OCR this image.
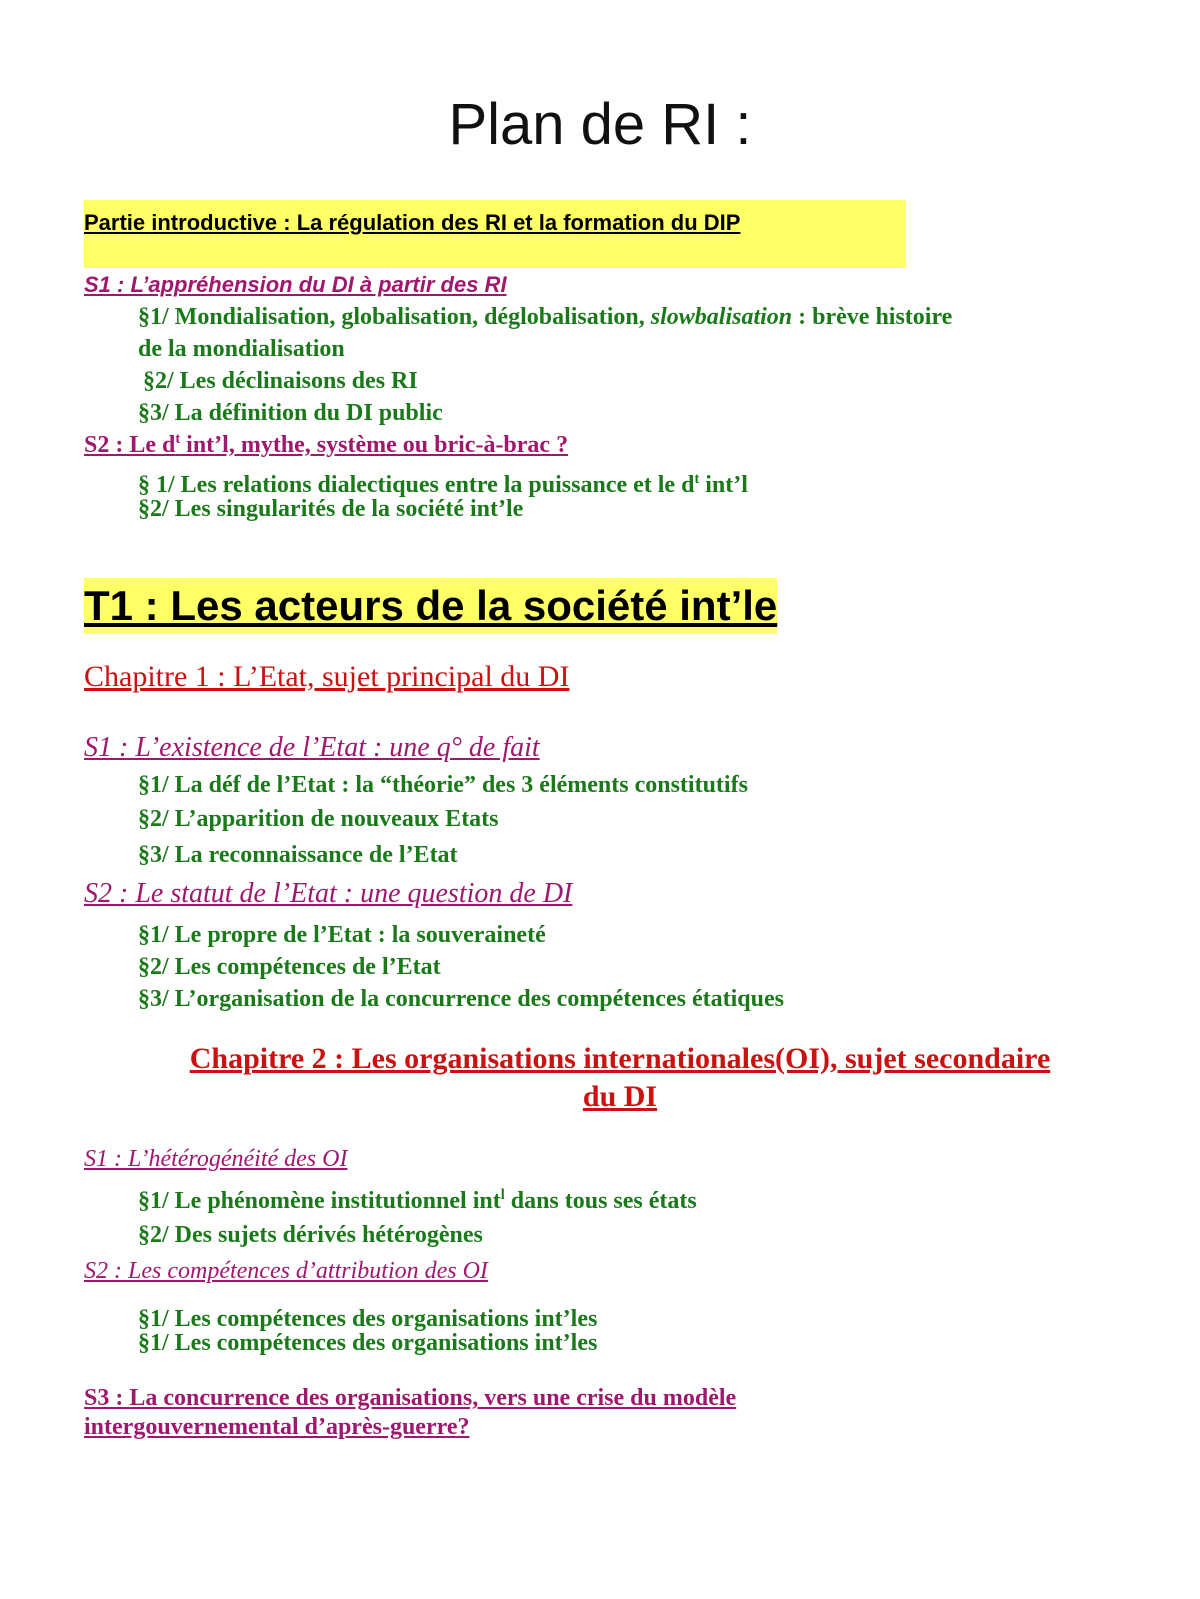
Plan de RI :
Partie introductive : La régulation des RI et la formation du DIP
S1 : L’appréhension du DI à partir des RI
§1/ Mondialisation, globalisation, déglobalisation, slowbalisation : brève histoire
de la mondialisation
§2/ Les déclinaisons des RI
§3/ La définition du DI public
S2 : Le $d^t$ int’l, mythe, système ou bric-à-brac ?
§ 1/ Les relations dialectiques entre la puissance et le $d^t$ int’l
§2/ Les singularités de la société int’le
T1 : Les acteurs de la société int’le
Chapitre 1 : L’Etat, sujet principal du DI
S1 : L’existence de l’Etat : une q° de fait
§1/ La déf de l’Etat : la “théorie” des 3 éléments constitutifs
§2/ L’apparition de nouveaux Etats
§3/ La reconnaissance de l’Etat
S2 : Le statut de l’Etat : une question de DI
§1/ Le propre de l’Etat : la souveraineté
§2/ Les compétences de l’Etat
§3/ L’organisation de la concurrence des compétences étatiques
Chapitre 2 : Les organisations internationales(OI), sujet secondaire
du DI
S1 : L’hétérogénéité des OI
§1/ Le phénomène institutionnel int$^l$ dans tous ses états
§2/ Des sujets dérivés hétérogènes
S2 : Les compétences d’attribution des OI
§1/ Les compétences des organisations int’les
§1/ Les compétences des organisations int’les
S3 : La concurrence des organisations, vers une crise du modèle
intergouvernemental d’après-guerre?
